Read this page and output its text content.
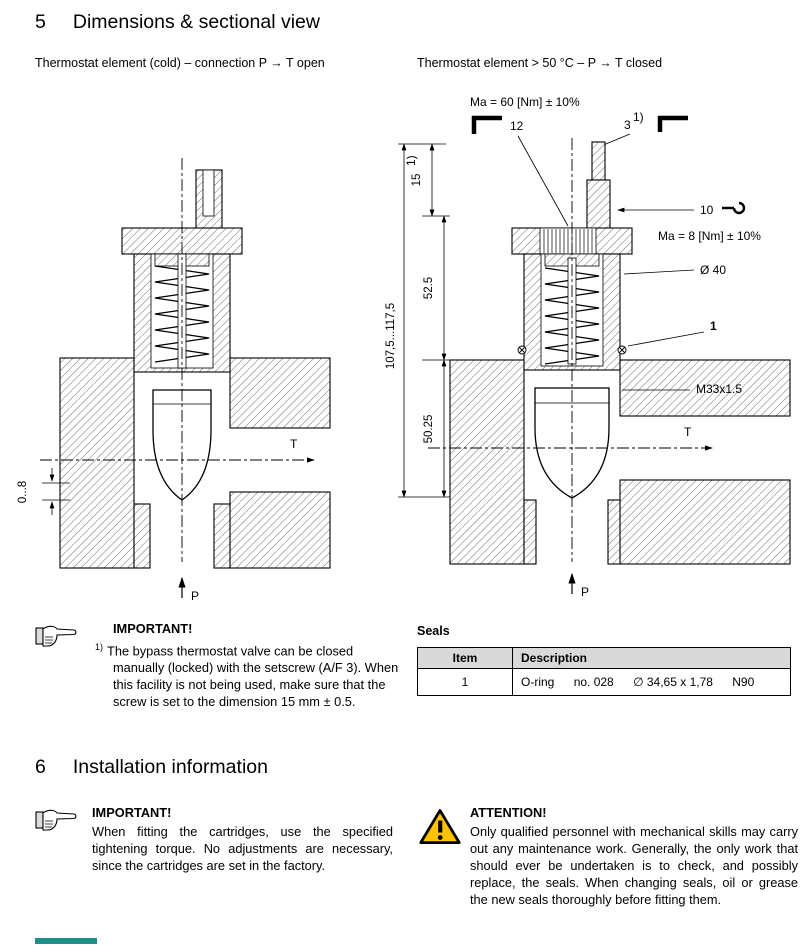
5 Dimensions & sectional view
Thermostat element (cold) – connection P → T open	Thermostat element > 50 °C – P → T closed
T
P
0...8
Ma = 60 [Nm] ± 10%
12	3
1)
T
P
10
Ma = 8 [Nm] ± 10%
Ø 40
1
M33x1.5
15
1)
52.5
50.25
107,5...117,5
IMPORTANT!
$^{1)}$ The bypass thermostat valve can be closed manually (locked) with the setscrew (A/F 3). When this facility is not being used, make sure that the screw is set to the dimension 15 mm ± 0.5.
Seals
Item	Description
1	O-ring no. 028 ∅ 34,65 x 1,78 N90
6 Installation information
IMPORTANT!
When fitting the cartridges, use the specified tightening torque. No adjustments are necessary, since the cartridges are set in the factory.
ATTENTION!
Only qualified personnel with mechanical skills may carry out any maintenance work. Generally, the only work that should ever be undertaken is to check, and possibly replace, the seals. When changing seals, oil or grease the new seals thoroughly before fitting them.
